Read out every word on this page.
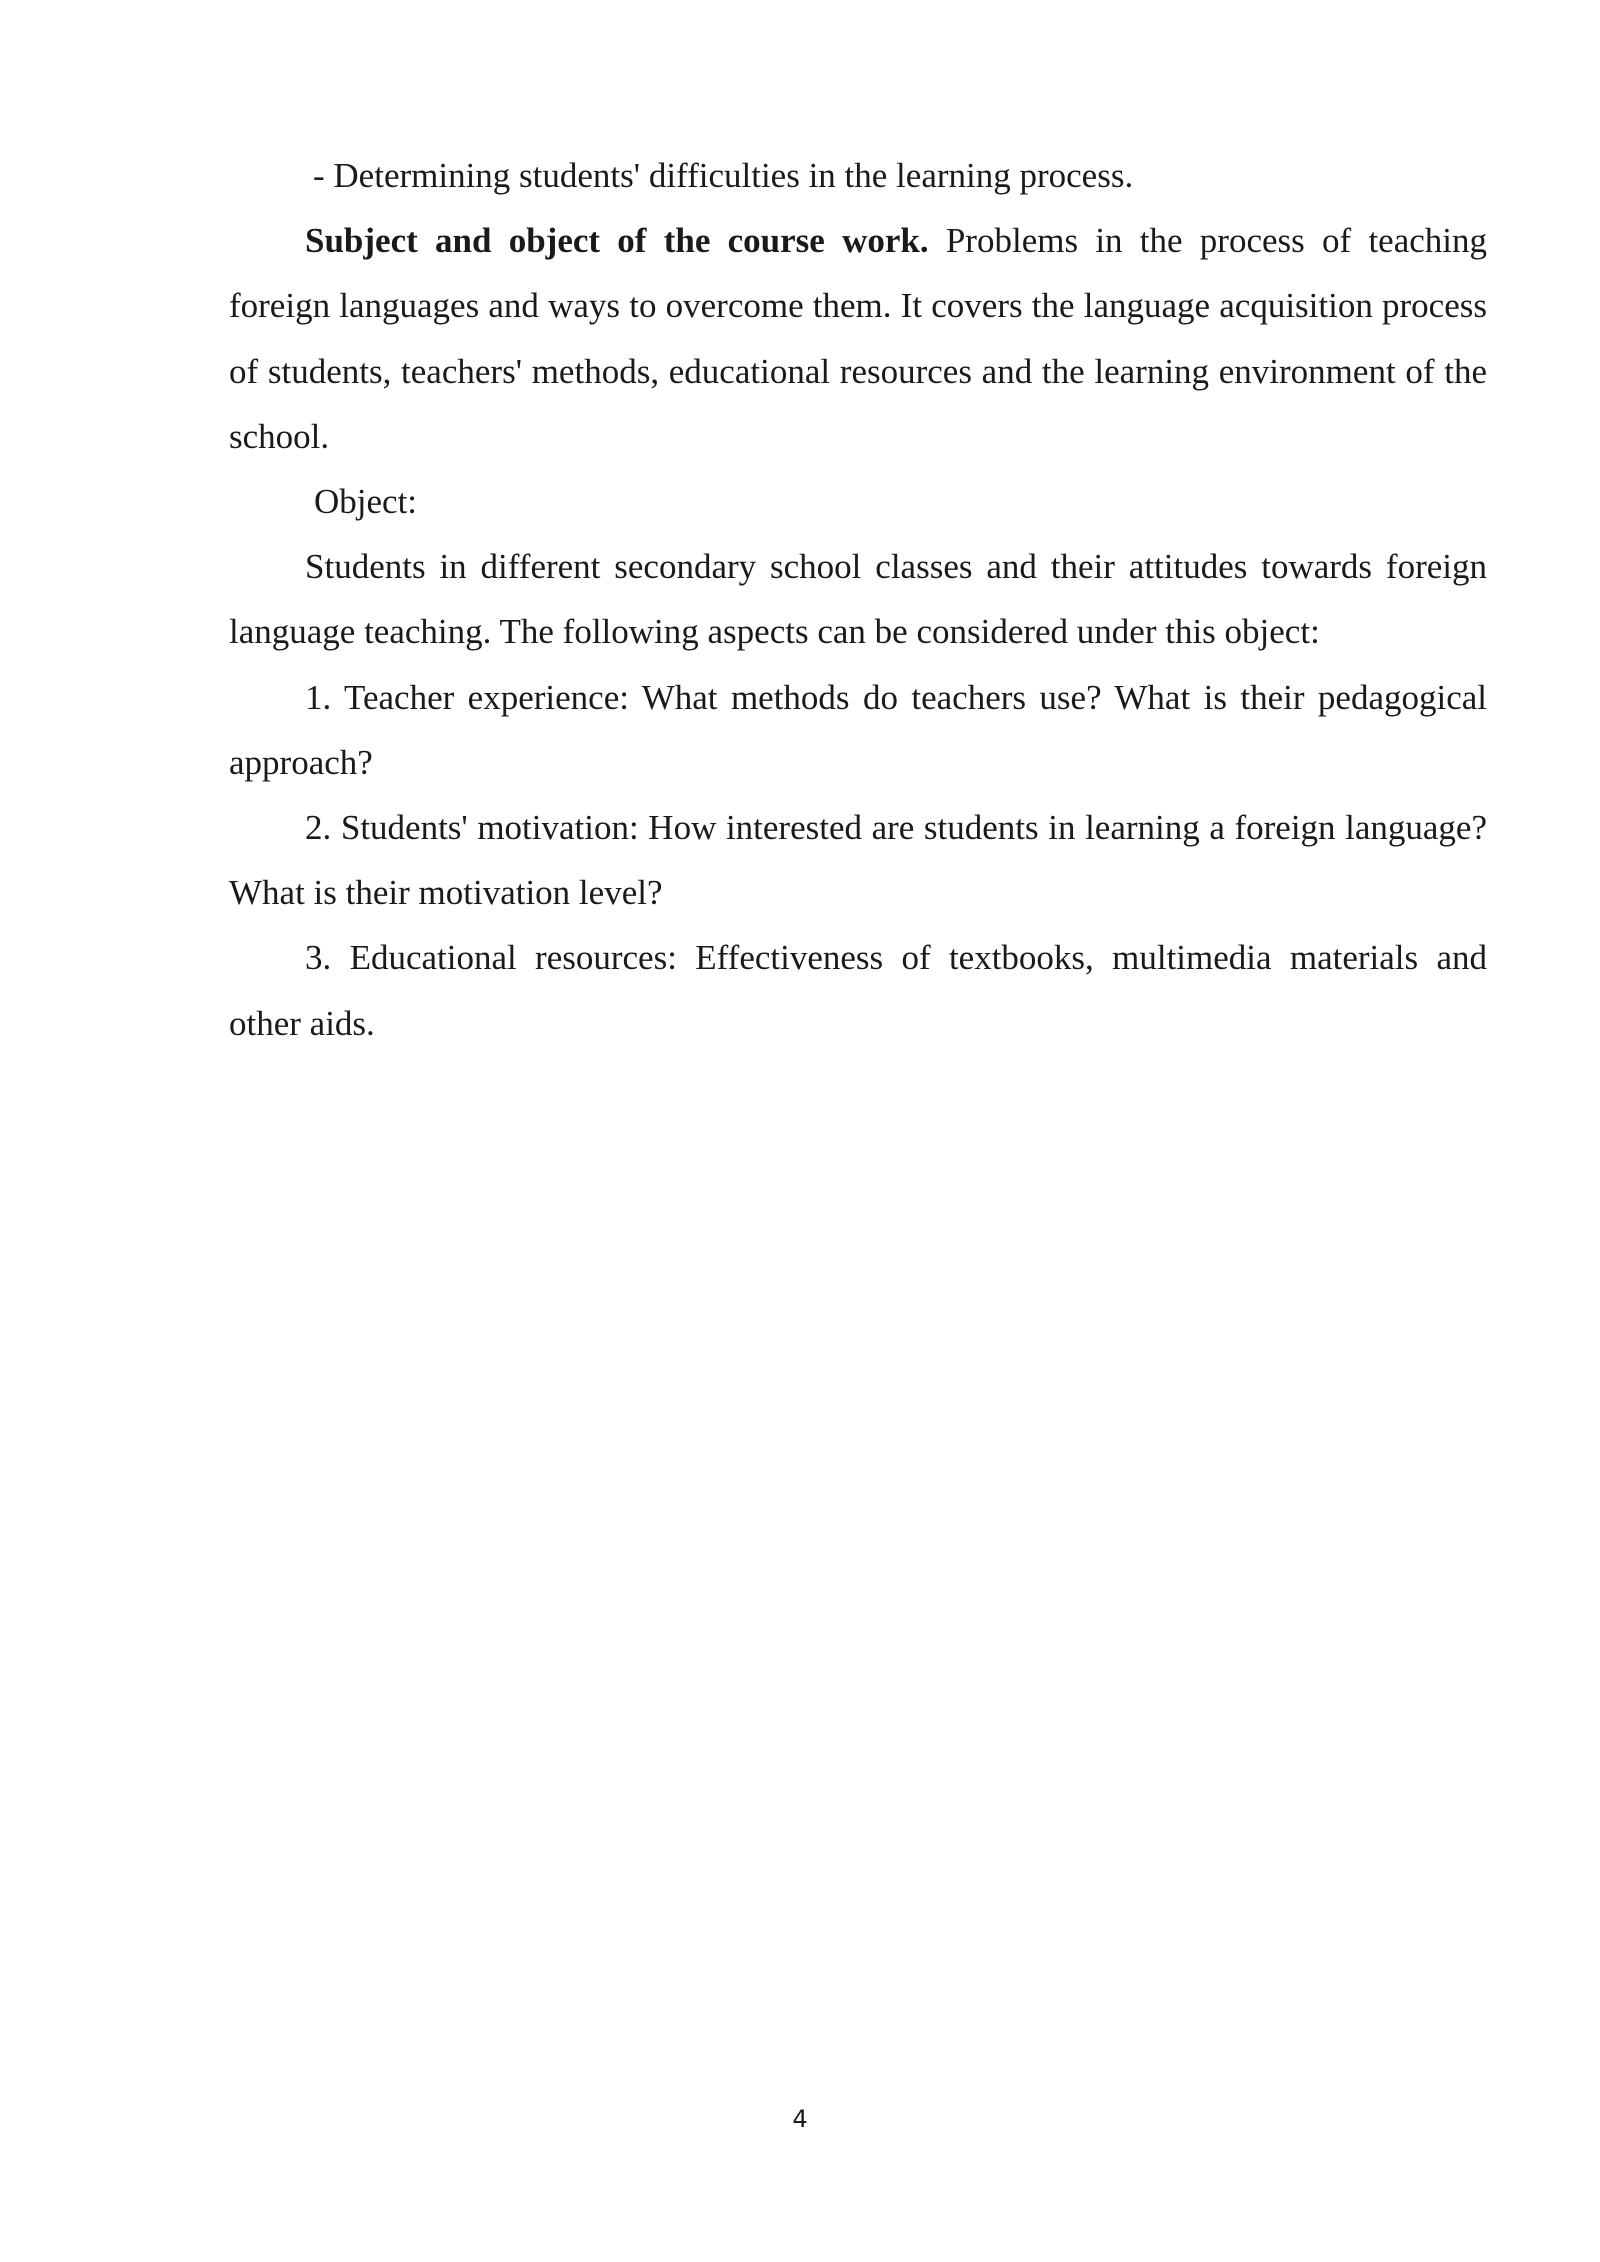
- Determining students' difficulties in the learning process.

Subject and object of the course work. Problems in the process of teaching foreign languages and ways to overcome them. It covers the language acquisition process of students, teachers' methods, educational resources and the learning environment of the school.

Object:

Students in different secondary school classes and their attitudes towards foreign language teaching. The following aspects can be considered under this object:

1. Teacher experience: What methods do teachers use? What is their pedagogical approach?

2. Students' motivation: How interested are students in learning a foreign language? What is their motivation level?

3. Educational resources: Effectiveness of textbooks, multimedia materials and other aids.

4
